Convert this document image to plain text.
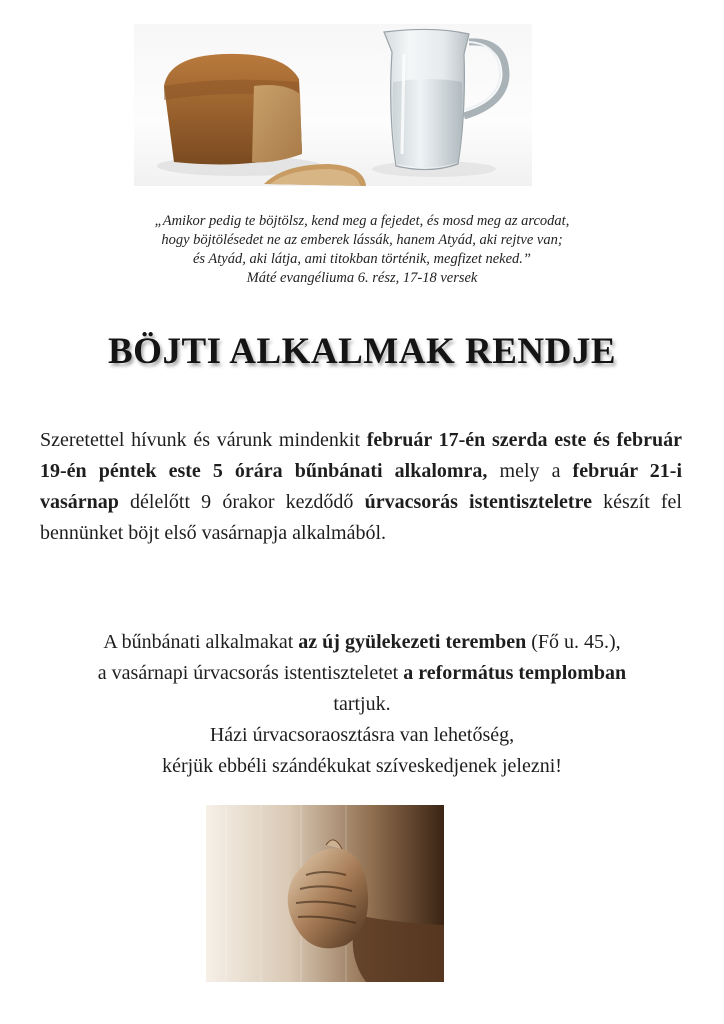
„Amikor pedig te böjtölsz, kend meg a fejedet, és mosd meg az arcodat,
hogy böjtölésedet ne az emberek lássák, hanem Atyád, aki rejtve van;
és Atyád, aki látja, ami titokban történik, megfizet neked.”
Máté evangéliuma 6. rész, 17-18 versek
BÖJTI ALKALMAK RENDJE
Szeretettel hívunk és várunk mindenkit február 17-én szerda este és február 19-én péntek este 5 órára bűnbánati alkalomra, mely a február 21-i vasárnap délelőtt 9 órakor kezdődő úrvacsorás istentiszteletre készít fel bennünket böjt első vasárnapja alkalmából.
A bűnbánati alkalmakat az új gyülekezeti teremben (Fő u. 45.),
a vasárnapi úrvacsorás istentiszteletet a református templomban
tartjuk.
Házi úrvacsoraosztásra van lehetőség,
kérjük ebbéli szándékukat szíveskedjenek jelezni!
